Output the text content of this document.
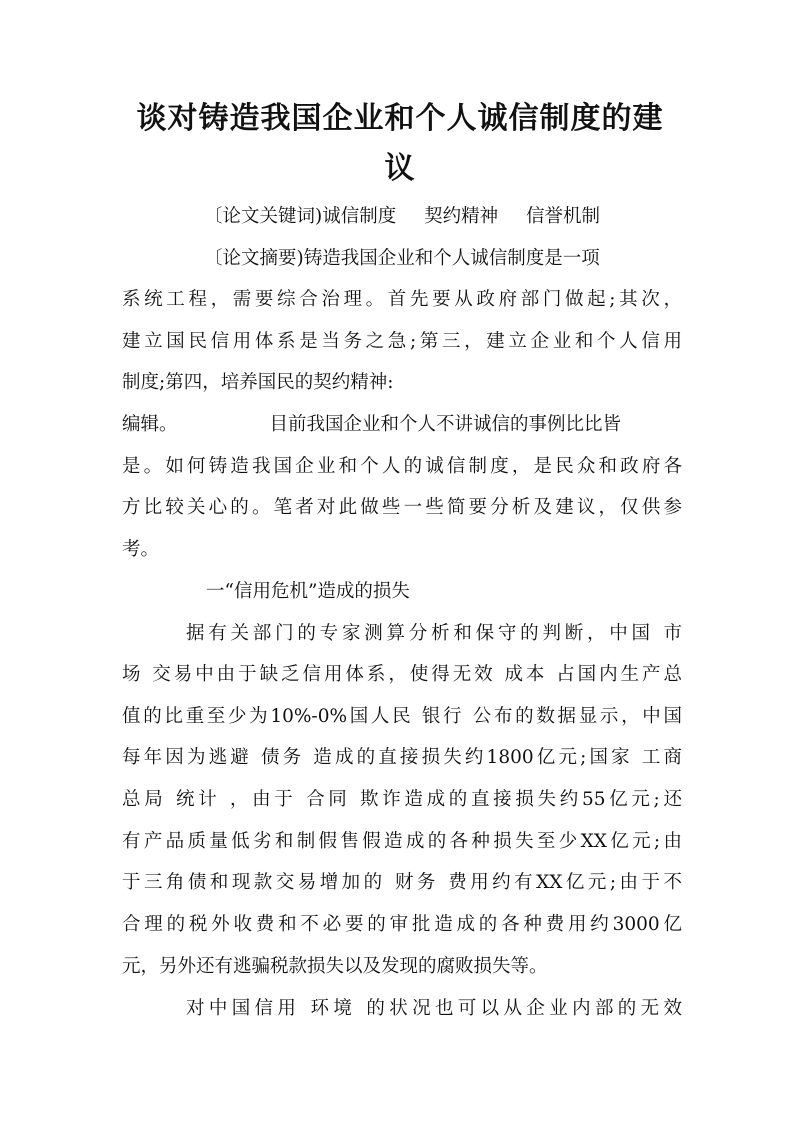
谈对铸造我国企业和个人诚信制度的建
议
〔论文关键词)诚信制度 契约精神 信誉机制
〔论文摘要)铸造我国企业和个人诚信制度是一项
系统工程，需要综合治理。首先要从政府部门做起;其次，
建立国民信用体系是当务之急;第三，建立企业和个人信用
制度;第四，培养国民的契约精神:
编辑。	目前我国企业和个人不讲诚信的事例比比皆
是。如何铸造我国企业和个人的诚信制度，是民众和政府各
方比较关心的。笔者对此做些一些简要分析及建议，仅供参
考。
一“信用危机”造成的损失
据有关部门的专家测算分析和保守的判断，中国 市
场 交易中由于缺乏信用体系，使得无效 成本 占国内生产总
值的比重至少为10%-0%国人民 银行 公布的数据显示，中国
每年因为逃避 债务 造成的直接损失约1800亿元;国家 工商
总局 统计 ，由于 合同 欺诈造成的直接损失约55亿元;还
有产品质量低劣和制假售假造成的各种损失至少XX亿元;由
于三角债和现款交易增加的 财务 费用约有XX亿元;由于不
合理的税外收费和不必要的审批造成的各种费用约3000亿
元，另外还有逃骗税款损失以及发现的腐败损失等。
对中国信用 环境 的状况也可以从企业内部的无效
